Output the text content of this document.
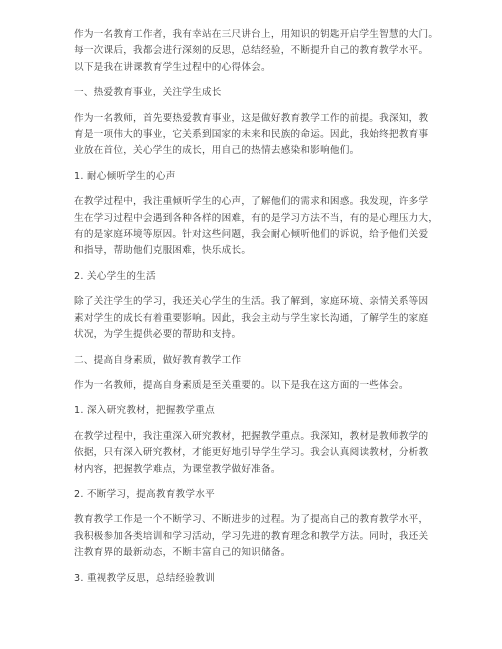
作为一名教育工作者，我有幸站在三尺讲台上，用知识的钥匙开启学生智慧的大门。
每一次课后，我都会进行深刻的反思，总结经验，不断提升自己的教育教学水平。
以下是我在讲课教育学生过程中的心得体会。

一、热爱教育事业，关注学生成长

作为一名教师，首先要热爱教育事业，这是做好教育教学工作的前提。我深知，教
育是一项伟大的事业，它关系到国家的未来和民族的命运。因此，我始终把教育事
业放在首位，关心学生的成长，用自己的热情去感染和影响他们。

1. 耐心倾听学生的心声

在教学过程中，我注重倾听学生的心声，了解他们的需求和困惑。我发现，许多学
生在学习过程中会遇到各种各样的困难，有的是学习方法不当，有的是心理压力大，
有的是家庭环境等原因。针对这些问题，我会耐心倾听他们的诉说，给予他们关爱
和指导，帮助他们克服困难，快乐成长。

2. 关心学生的生活

除了关注学生的学习，我还关心学生的生活。我了解到，家庭环境、亲情关系等因
素对学生的成长有着重要影响。因此，我会主动与学生家长沟通，了解学生的家庭
状况，为学生提供必要的帮助和支持。

二、提高自身素质，做好教育教学工作

作为一名教师，提高自身素质是至关重要的。以下是我在这方面的一些体会。

1. 深入研究教材，把握教学重点

在教学过程中，我注重深入研究教材，把握教学重点。我深知，教材是教师教学的
依据，只有深入研究教材，才能更好地引导学生学习。我会认真阅读教材，分析教
材内容，把握教学难点，为课堂教学做好准备。

2. 不断学习，提高教育教学水平

教育教学工作是一个不断学习、不断进步的过程。为了提高自己的教育教学水平，
我积极参加各类培训和学习活动，学习先进的教育理念和教学方法。同时，我还关
注教育界的最新动态，不断丰富自己的知识储备。

3. 重视教学反思，总结经验教训
